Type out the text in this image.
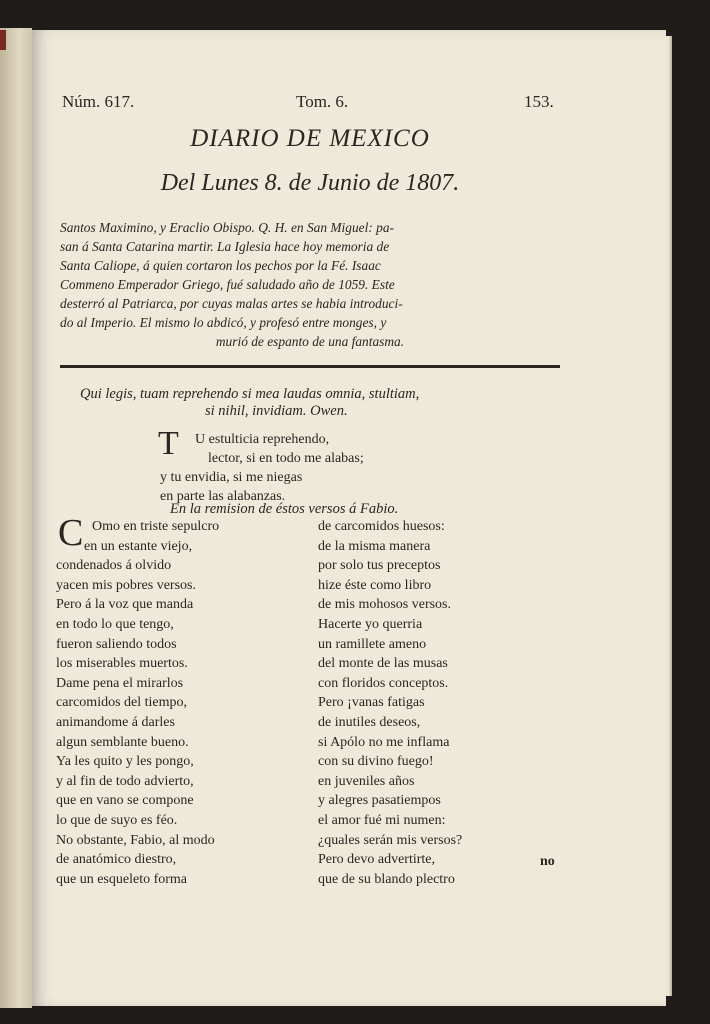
Núm. 617.	Tom. 6.	153.
DIARIO DE MEXICO
Del Lunes 8. de Junio de 1807.
Santos Maximino, y Eraclio Obispo. Q. H. en San Miguel: pa-
san á Santa Catarina martir. La Iglesia hace hoy memoria de
Santa Caliope, á quien cortaron los pechos por la Fé. Isaac
Commeno Emperador Griego, fué saludado año de 1059. Este
desterró al Patriarca, por cuyas malas artes se habia introduci-
do al Imperio. El mismo lo abdicó, y profesó entre monges, y
murió de espanto de una fantasma.
Qui legis, tuam reprehendo si mea laudas omnia, stultiam,
si nihil, invidiam. Owen.
T U estulticia reprehendo,
lector, si en todo me alabas;
y tu envidia, si me niegas
en parte las alabanzas.
En la remision de éstos versos á Fabio.
C Omo en triste sepulcro
en un estante viejo,
condenados á olvido
yacen mis pobres versos.
Pero á la voz que manda
en todo lo que tengo,
fueron saliendo todos
los miserables muertos.
Dame pena el mirarlos
carcomidos del tiempo,
animandome á darles
algun semblante bueno.
Ya les quito y les pongo,
y al fin de todo advierto,
que en vano se compone
lo que de suyo es féo.
No obstante, Fabio, al modo
de anatómico diestro,
que un esqueleto forma
de carcomidos huesos:
de la misma manera
por solo tus preceptos
hize éste como libro
de mis mohosos versos.
Hacerte yo querria
un ramillete ameno
del monte de las musas
con floridos conceptos.
Pero ¡vanas fatigas
de inutiles deseos,
si Apólo no me inflama
con su divino fuego!
en juveniles años
y alegres pasatiempos
el amor fué mi numen:
¿quales serán mis versos?
Pero devo advertirte,
que de su blando plectro
no
